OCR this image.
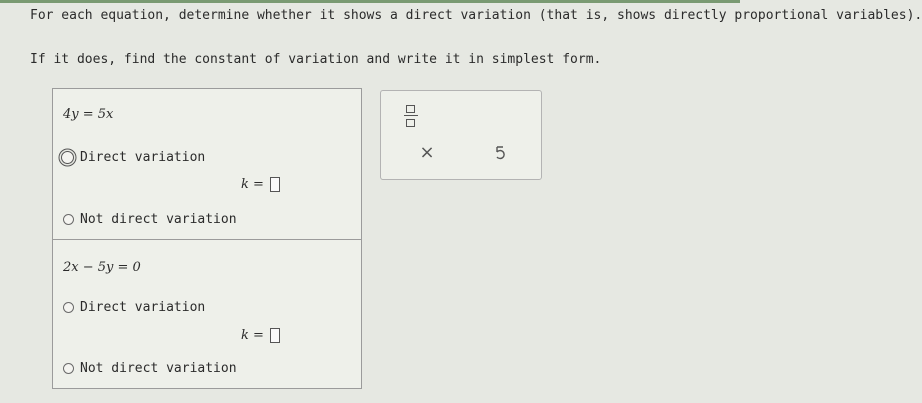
For each equation, determine whether it shows a direct variation (that is, shows directly proportional variables).
If it does, find the constant of variation and write it in simplest form.
4y = 5x
Direct variation
k =
Not direct variation
2x − 5y = 0
Direct variation
k =
Not direct variation
×
